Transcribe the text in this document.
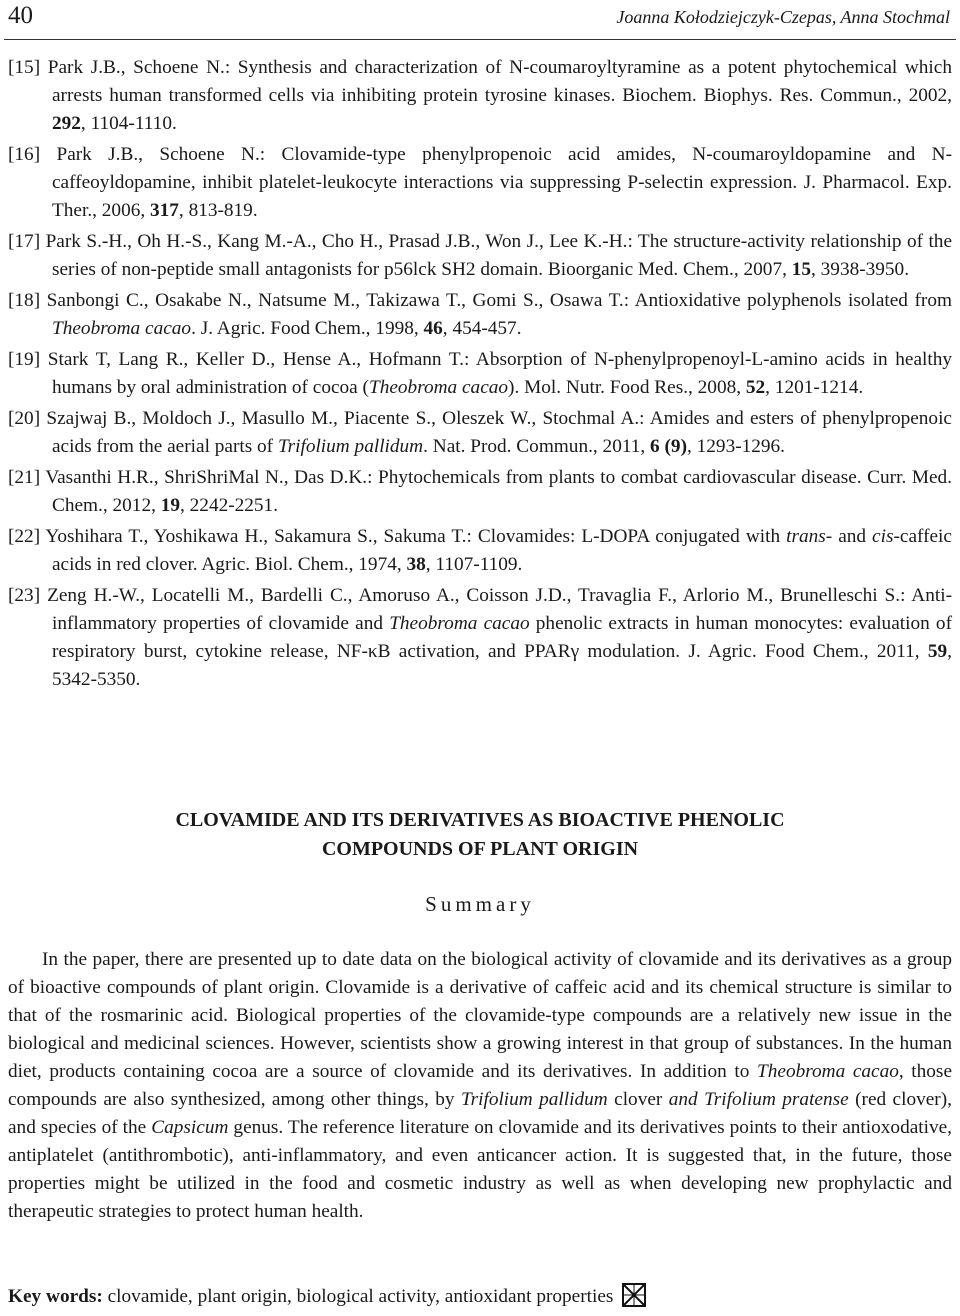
40	Joanna Kołodziejczyk-Czepas, Anna Stochmal
[15] Park J.B., Schoene N.: Synthesis and characterization of N-coumaroyltyramine as a potent phytochemical which arrests human transformed cells via inhibiting protein tyrosine kinases. Biochem. Biophys. Res. Commun., 2002, 292, 1104-1110.
[16] Park J.B., Schoene N.: Clovamide-type phenylpropenoic acid amides, N-coumaroyldopamine and N-caffeoyldopamine, inhibit platelet-leukocyte interactions via suppressing P-selectin expression. J. Pharmacol. Exp. Ther., 2006, 317, 813-819.
[17] Park S.-H., Oh H.-S., Kang M.-A., Cho H., Prasad J.B., Won J., Lee K.-H.: The structure-activity relationship of the series of non-peptide small antagonists for p56lck SH2 domain. Bioorganic Med. Chem., 2007, 15, 3938-3950.
[18] Sanbongi C., Osakabe N., Natsume M., Takizawa T., Gomi S., Osawa T.: Antioxidative polyphenols isolated from Theobroma cacao. J. Agric. Food Chem., 1998, 46, 454-457.
[19] Stark T, Lang R., Keller D., Hense A., Hofmann T.: Absorption of N-phenylpropenoyl-L-amino acids in healthy humans by oral administration of cocoa (Theobroma cacao). Mol. Nutr. Food Res., 2008, 52, 1201-1214.
[20] Szajwaj B., Moldoch J., Masullo M., Piacente S., Oleszek W., Stochmal A.: Amides and esters of phenylpropenoic acids from the aerial parts of Trifolium pallidum. Nat. Prod. Commun., 2011, 6 (9), 1293-1296.
[21] Vasanthi H.R., ShriShriMal N., Das D.K.: Phytochemicals from plants to combat cardiovascular disease. Curr. Med. Chem., 2012, 19, 2242-2251.
[22] Yoshihara T., Yoshikawa H., Sakamura S., Sakuma T.: Clovamides: L-DOPA conjugated with trans- and cis-caffeic acids in red clover. Agric. Biol. Chem., 1974, 38, 1107-1109.
[23] Zeng H.-W., Locatelli M., Bardelli C., Amoruso A., Coisson J.D., Travaglia F., Arlorio M., Brunelleschi S.: Anti-inflammatory properties of clovamide and Theobroma cacao phenolic extracts in human monocytes: evaluation of respiratory burst, cytokine release, NF-κB activation, and PPARγ modulation. J. Agric. Food Chem., 2011, 59, 5342-5350.
CLOVAMIDE AND ITS DERIVATIVES AS BIOACTIVE PHENOLIC
COMPOUNDS OF PLANT ORIGIN
Summary
In the paper, there are presented up to date data on the biological activity of clovamide and its derivatives as a group of bioactive compounds of plant origin. Clovamide is a derivative of caffeic acid and its chemical structure is similar to that of the rosmarinic acid. Biological properties of the clovamide-type compounds are a relatively new issue in the biological and medicinal sciences. However, scientists show a growing interest in that group of substances. In the human diet, products containing cocoa are a source of clovamide and its derivatives. In addition to Theobroma cacao, those compounds are also synthesized, among other things, by Trifolium pallidum clover and Trifolium pratense (red clover), and species of the Capsicum genus. The reference literature on clovamide and its derivatives points to their antioxodative, antiplatelet (antithrombotic), anti-inflammatory, and even anticancer action. It is suggested that, in the future, those properties might be utilized in the food and cosmetic industry as well as when developing new prophylactic and therapeutic strategies to protect human health.
Key words: clovamide, plant origin, biological activity, antioxidant properties
